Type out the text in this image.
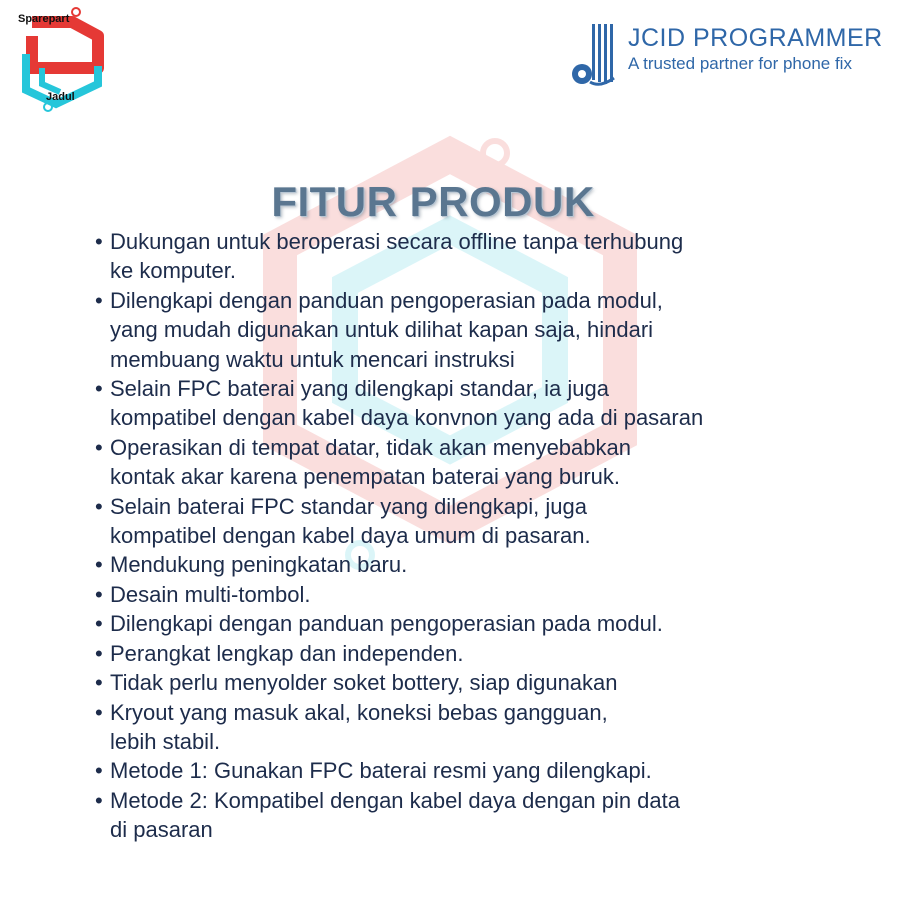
Sparepart
Jadul
JCID PROGRAMMER
A trusted partner for phone fix
FITUR PRODUK
• Dukungan untuk beroperasi secara offline tanpa terhubung
ke komputer.
• Dilengkapi dengan panduan pengoperasian pada modul,
yang mudah digunakan untuk dilihat kapan saja, hindari
membuang waktu untuk mencari instruksi
• Selain FPC baterai yang dilengkapi standar, ia juga
kompatibel dengan kabel daya konvnon yang ada di pasaran
• Operasikan di tempat datar, tidak akan menyebabkan
kontak akar karena penempatan baterai yang buruk.
• Selain baterai FPC standar yang dilengkapi, juga
kompatibel dengan kabel daya umum di pasaran.
• Mendukung peningkatan baru.
• Desain multi-tombol.
• Dilengkapi dengan panduan pengoperasian pada modul.
• Perangkat lengkap dan independen.
• Tidak perlu menyolder soket bottery, siap digunakan
• Kryout yang masuk akal, koneksi bebas gangguan,
lebih stabil.
• Metode 1: Gunakan FPC baterai resmi yang dilengkapi.
• Metode 2: Kompatibel dengan kabel daya dengan pin data
di pasaran
